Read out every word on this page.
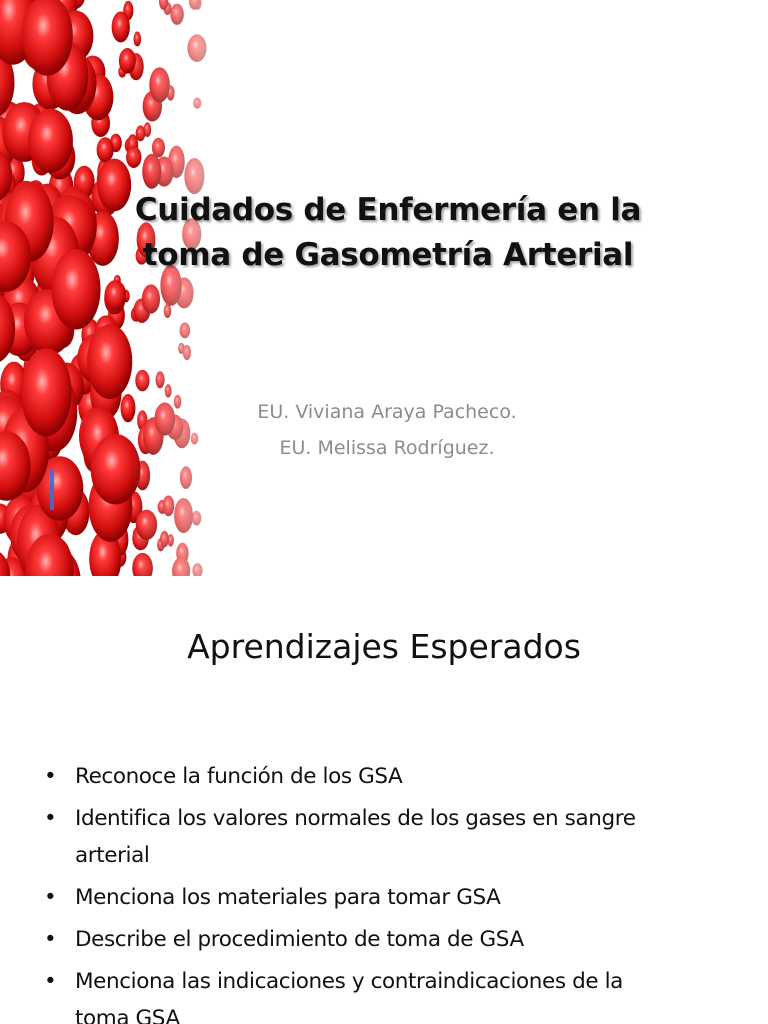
Cuidados de Enfermería en la
toma de Gasometría Arterial
EU. Viviana Araya Pacheco.
EU. Melissa Rodríguez.
Aprendizajes Esperados
• Reconoce la función de los GSA
• Identifica los valores normales de los gases en sangre
arterial
• Menciona los materiales para tomar GSA
• Describe el procedimiento de toma de GSA
• Menciona las indicaciones y contraindicaciones de la
toma GSA
